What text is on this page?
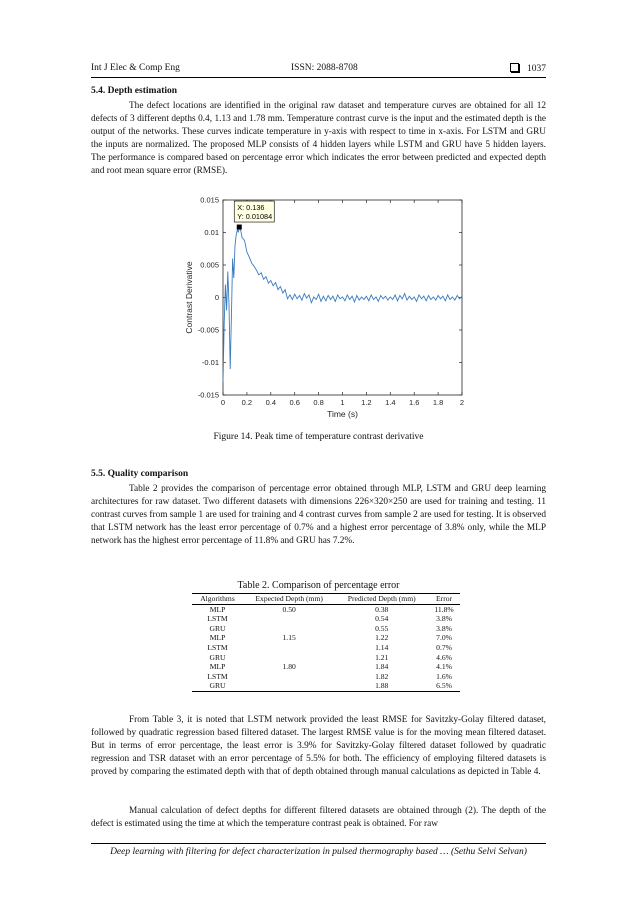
Int J Elec & Comp Eng	ISSN: 2088-8708	1037
5.4. Depth estimation

The defect locations are identified in the original raw dataset and temperature curves are obtained for all 12 defects of 3 different depths 0.4, 1.13 and 1.78 mm. Temperature contrast curve is the input and the estimated depth is the output of the networks. These curves indicate temperature in y-axis with respect to time in x-axis. For LSTM and GRU the inputs are normalized. The proposed MLP consists of 4 hidden layers while LSTM and GRU have 5 hidden layers. The performance is compared based on percentage error which indicates the error between predicted and expected depth and root mean square error (RMSE).

0 0.2 0.4 0.6 0.8 1 1.2 1.4 1.6 1.8 2
-0.015
-0.01
-0.005
0
0.005
0.01
0.015
Time (s)
Contrast Derivative
X: 0.136
Y: 0.01084
Figure 14. Peak time of temperature contrast derivative
5.5. Quality comparison

Table 2 provides the comparison of percentage error obtained through MLP, LSTM and GRU deep learning architectures for raw dataset. Two different datasets with dimensions 226×320×250 are used for training and testing. 11 contrast curves from sample 1 are used for training and 4 contrast curves from sample 2 are used for testing. It is observed that LSTM network has the least error percentage of 0.7% and a highest error percentage of 3.8% only, while the MLP network has the highest error percentage of 11.8% and GRU has 7.2%.

Table 2. Comparison of percentage error
Algorithms	Expected Depth (mm)	Predicted Depth (mm)	Error
MLP	0.50	0.38	11.8%
LSTM		0.54	3.8%
GRU		0.55	3.8%
MLP	1.15	1.22	7.0%
LSTM		1.14	0.7%
GRU		1.21	4.6%
MLP	1.80	1.84	4.1%
LSTM		1.82	1.6%
GRU		1.88	6.5%

From Table 3, it is noted that LSTM network provided the least RMSE for Savitzky-Golay filtered dataset, followed by quadratic regression based filtered dataset. The largest RMSE value is for the moving mean filtered dataset. But in terms of error percentage, the least error is 3.9% for Savitzky-Golay filtered dataset followed by quadratic regression and TSR dataset with an error percentage of 5.5% for both. The efficiency of employing filtered datasets is proved by comparing the estimated depth with that of depth obtained through manual calculations as depicted in Table 4.

Manual calculation of defect depths for different filtered datasets are obtained through (2). The depth of the defect is estimated using the time at which the temperature contrast peak is obtained. For raw

Deep learning with filtering for defect characterization in pulsed thermography based … (Sethu Selvi Selvan)
